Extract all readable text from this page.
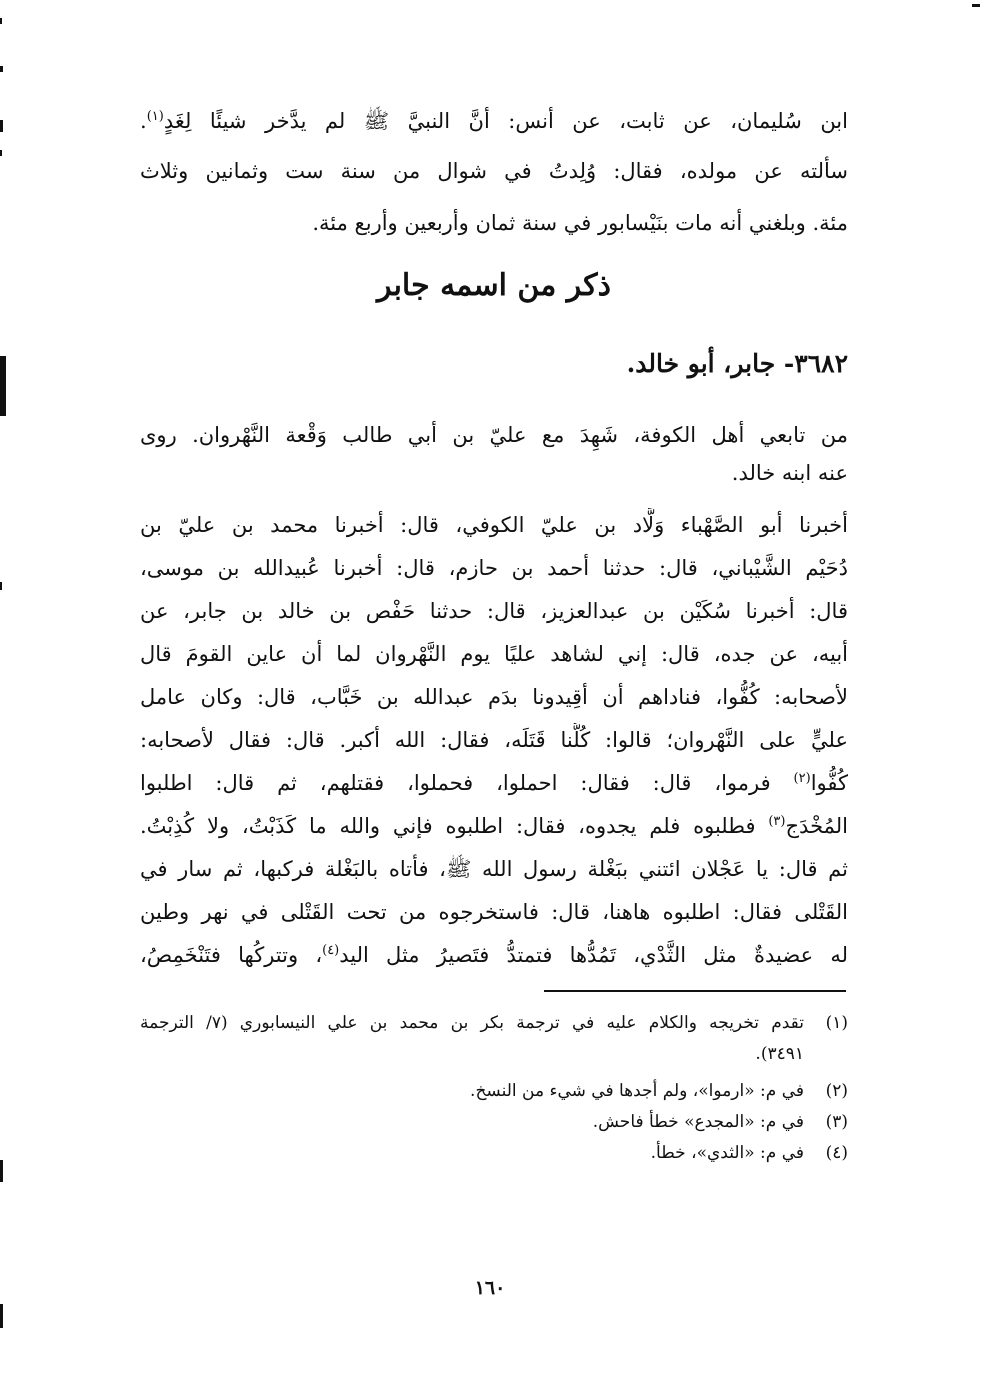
ابن سُليمان، عن ثابت، عن أنس: أنَّ النبيَّ ﷺ لم يدَّخر شيئًا لِغَدٍ$^{(١)}$.
سألته عن مولده، فقال: وُلِدتُ في شوال من سنة ست وثمانين وثلاث
مئة. وبلغني أنه مات بنَيْسابور في سنة ثمان وأربعين وأربع مئة.
ذكر من اسمه جابر
٣٦٨٢- جابر، أبو خالد.
من تابعي أهل الكوفة، شَهِدَ مع عليّ بن أبي طالب وَقْعة النَّهْروان. روى
عنه ابنه خالد.
أخبرنا أبو الصَّهْباء وَلَّاد بن عليّ الكوفي، قال: أخبرنا محمد بن عليّ بن
دُحَيْم الشَّيْباني، قال: حدثنا أحمد بن حازم، قال: أخبرنا عُبيدالله بن موسى،
قال: أخبرنا سُكَيْن بن عبدالعزيز، قال: حدثنا حَفْص بن خالد بن جابر، عن
أبيه، عن جده، قال: إني لشاهد عليًا يوم النَّهْروان لما أن عاين القومَ قال
لأصحابه: كُفُّوا، فناداهم أن أقِيدونا بدَم عبدالله بن خَبَّاب، قال: وكان عامل
عليٍّ على النَّهْروان؛ قالوا: كُلُّنا قَتَلَه، فقال: الله أكبر. قال: فقال لأصحابه:
كُفُّوا$^{(٢)}$ فرموا، قال: فقال: احملوا، فحملوا، فقتلهم، ثم قال: اطلبوا
المُخْدَج$^{(٣)}$ فطلبوه فلم يجدوه، فقال: اطلبوه فإني والله ما كَذَبْتُ، ولا كُذِبْتُ.
ثم قال: يا عَجْلان ائتني ببَغْلة رسول الله ﷺ، فأتاه بالبَغْلة فركبها، ثم سار في
القَتْلى فقال: اطلبوه هاهنا، قال: فاستخرجوه من تحت القَتْلى في نهر وطين
له عضيدةٌ مثل الثَّدْي، تَمُدُّها فتمتدُّ فتَصيرُ مثل اليد$^{(٤)}$، وتتركُها فتَنْخَمِصُ،
(١)
تقدم تخريجه والكلام عليه في ترجمة بكر بن محمد بن علي النيسابوري (٧/ الترجمة
٣٤٩١).
(٢)
في م: «ارموا»، ولم أجدها في شيء من النسخ.
(٣)
في م: «المجدع» خطأ فاحش.
(٤)
في م: «الثدي»، خطأ.
١٦٠
